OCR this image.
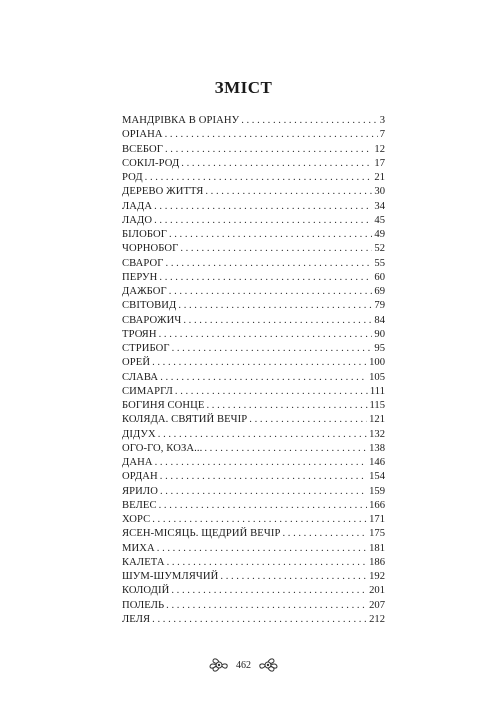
ЗМІСТ
МАНДРІВКА В ОРІАНУ . . .	3
ОРІАНА . . .	7
ВСЕБОГ . . .	12
СОКІЛ-РОД . . .	17
РОД . . .	21
ДЕРЕВО ЖИТТЯ . . .	30
ЛАДА . . .	34
ЛАДО . . .	45
БІЛОБОГ . . .	49
ЧОРНОБОГ . . .	52
СВАРОГ . . .	55
ПЕРУН . . .	60
ДАЖБОГ . . .	69
СВІТОВИД . . .	79
СВАРОЖИЧ . . .	84
ТРОЯН . . .	90
СТРИБОГ . . .	95
ОРЕЙ . . .	100
СЛАВА . . .	105
СИМАРГЛ . . .	111
БОГИНЯ СОНЦЕ . . .	115
КОЛЯДА. СВЯТИЙ ВЕЧІР . . .	121
ДІДУХ . . .	132
ОГО-ГО, КОЗА... . . .	138
ДАНА . . .	146
ОРДАН . . .	154
ЯРИЛО . . .	159
ВЕЛЕС . . .	166
ХОРС . . .	171
ЯСЕН-МІСЯЦЬ. ЩЕДРИЙ ВЕЧІР . . .	175
МИХА . . .	181
КАЛЕТА . . .	186
ШУМ-ШУМЛЯЧИЙ . . .	192
КОЛОДІЙ . . .	201
ПОЛЕЛЬ . . .	207
ЛЕЛЯ . . .	212
462
